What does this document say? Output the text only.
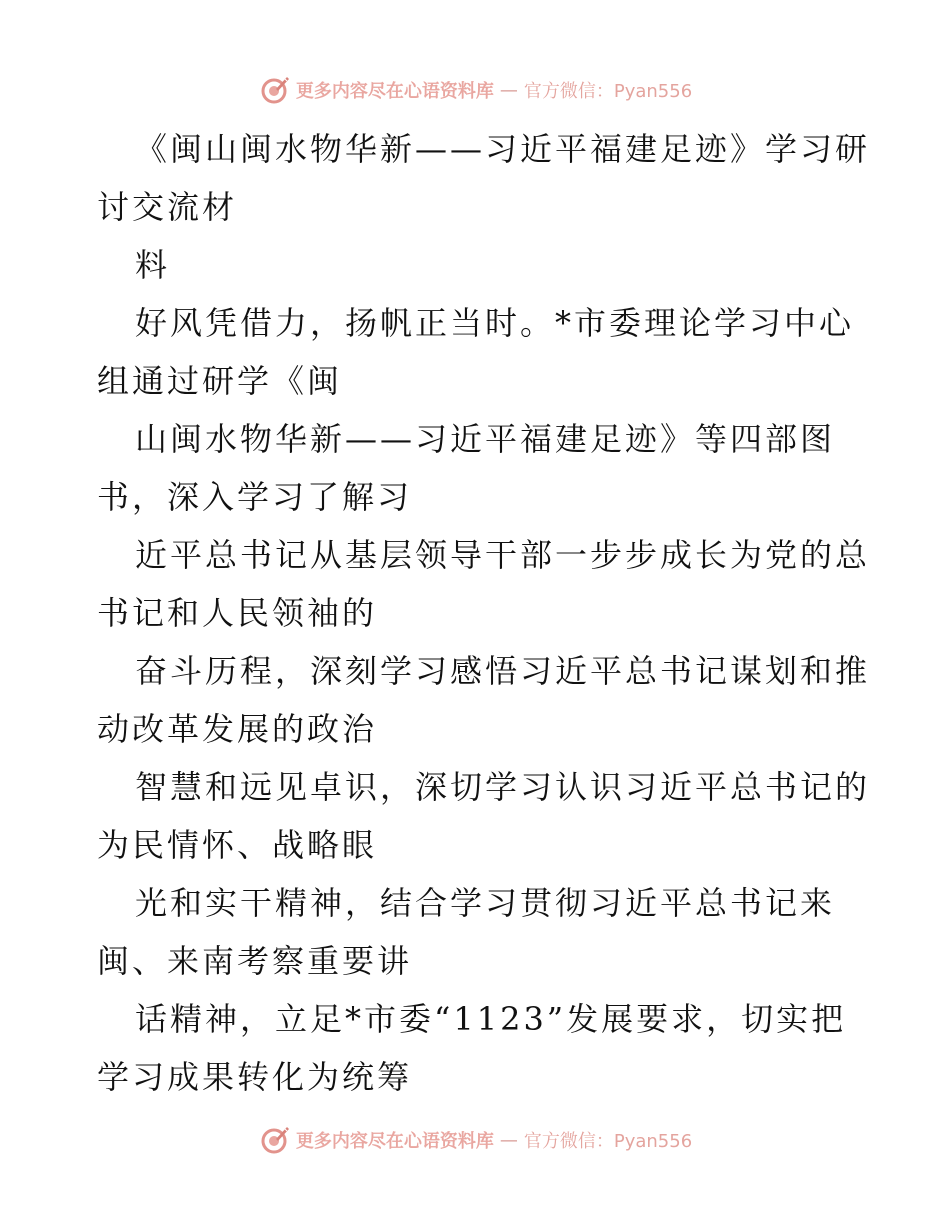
更多内容尽在心语资料库 — 官方微信：Pyan556
《闽山闽水物华新——习近平福建足迹》学习研
讨交流材
料
好风凭借力，扬帆正当时。*市委理论学习中心
组通过研学《闽
山闽水物华新——习近平福建足迹》等四部图
书，深入学习了解习
近平总书记从基层领导干部一步步成长为党的总
书记和人民领袖的
奋斗历程，深刻学习感悟习近平总书记谋划和推
动改革发展的政治
智慧和远见卓识，深切学习认识习近平总书记的
为民情怀、战略眼
光和实干精神，结合学习贯彻习近平总书记来
闽、来南考察重要讲
话精神，立足*市委“1123”发展要求，切实把
学习成果转化为统筹
更多内容尽在心语资料库 — 官方微信：Pyan556
